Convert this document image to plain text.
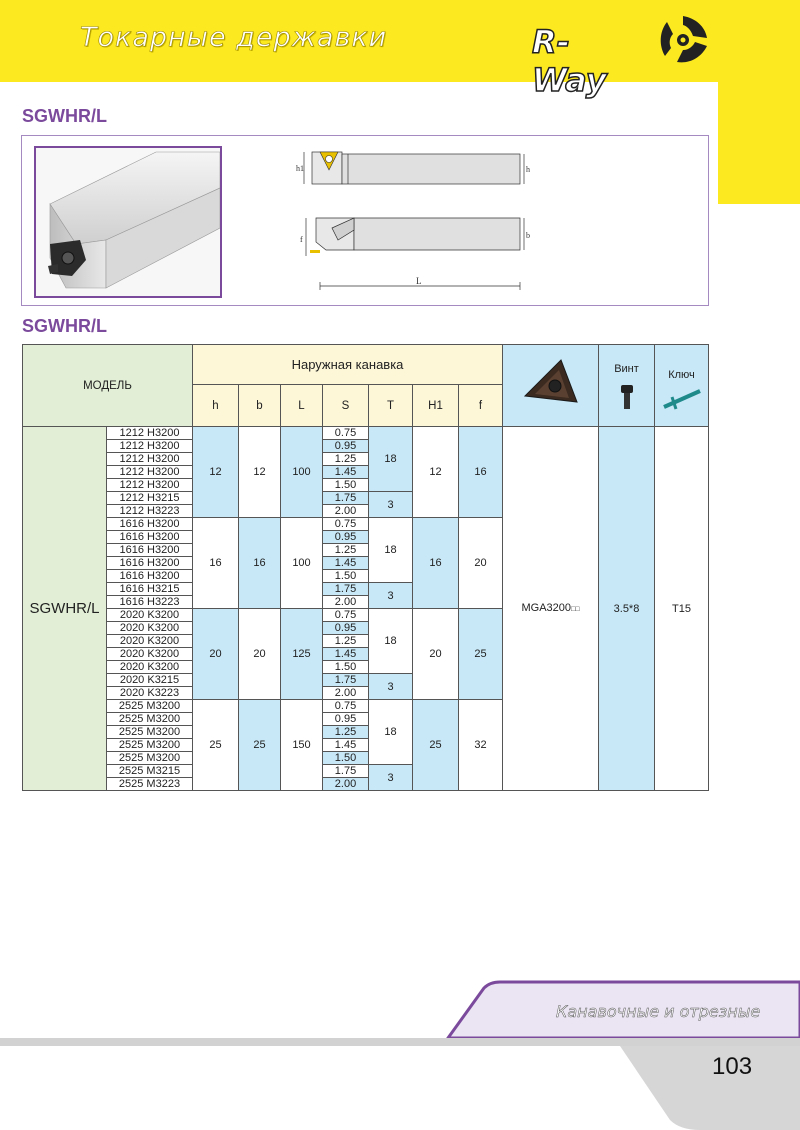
Токарные державки	R-Way
SGWHR/L
h1	h
b
f
L
SGWHR/L
МОДЕЛЬ		Наружная канавка								Винт	Ключ

		h	b	L	S	T	H1	f			
SGWHR/L	1212 H3200	12	12	100	0.75	18	12	16	MGA3200□□	3.5*8	T15
	1212 H3200				0.95						
	1212 H3200				1.25						
	1212 H3200				1.45						
	1212 H3200				1.50						
	1212 H3215				1.75	3					
	1212 H3223				2.00						
	1616 H3200	16	16	100	0.75	18	16	20			
	1616 H3200				0.95						
	1616 H3200				1.25						
	1616 H3200				1.45						
	1616 H3200				1.50						
	1616 H3215				1.75	3					
	1616 H3223				2.00						
	2020 K3200	20	20	125	0.75	18	20	25			
	2020 K3200				0.95						
	2020 K3200				1.25						
	2020 K3200				1.45						
	2020 K3200				1.50						
	2020 K3215				1.75	3					
	2020 K3223				2.00						
	2525 M3200	25	25	150	0.75	18	25	32			
	2525 M3200				0.95						
	2525 M3200				1.25						
	2525 M3200				1.45						
	2525 M3200				1.50						
	2525 M3215				1.75	3					
	2525 M3223				2.00						
Канавочные и отрезные
103
